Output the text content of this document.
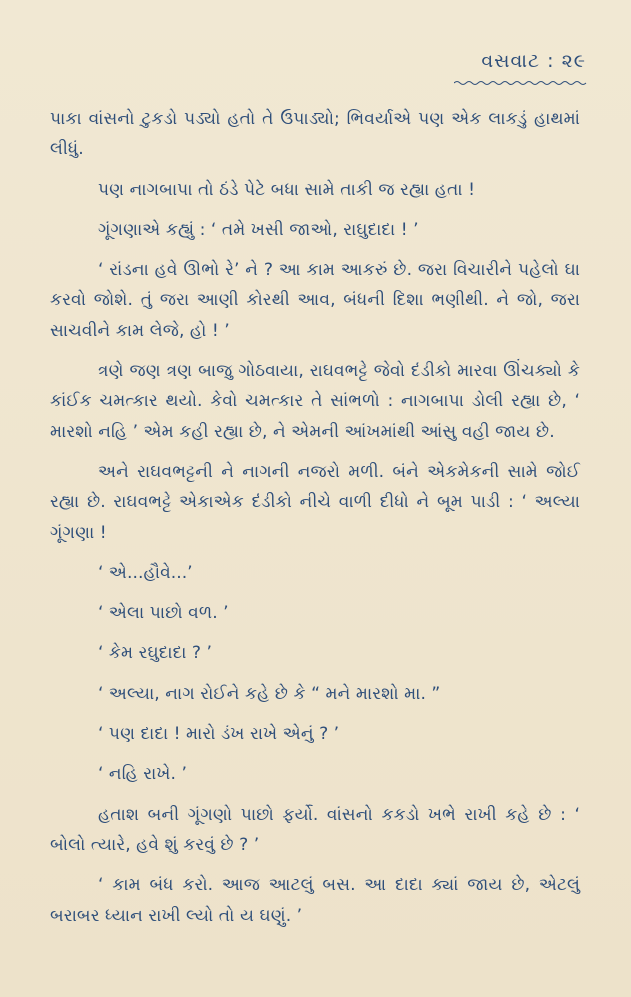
વસવાટ : ૨૯

પાકા વાંસનો ટુકડો પડ્યો હતો તે ઉપાડ્યો; ભિવર્યાએ પણ એક લાકડું હાથમાં લીધું.

પણ નાગબાપા તો ઠંડે પેટે બધા સામે તાકી જ રહ્યા હતા !

ગૂંગણાએ કહ્યું : ‘ તમે ખસી જાઓ, રાઘુદાદા ! ’

‘ રાંડના હવે ઊભો રે’ ને ? આ કામ આકરું છે. જરા વિચારીને પહેલો ઘા કરવો જોશે. તું જરા આણી કોરથી આવ, બંધની દિશા ભણીથી. ને જો, જરા સાચવીને કામ લેજે, હો ! ’

ત્રણે જણ ત્રણ બાજુ ગોઠવાયા, રાઘવભટ્ટે જેવો દંડીકો મારવા ઊંચક્યો કે કાંઈક ચમત્કાર થયો. કેવો ચમત્કાર તે સાંભળો : નાગબાપા ડોલી રહ્યા છે, ‘ મારશો નહિ ’ એમ કહી રહ્યા છે, ને એમની આંખમાંથી આંસુ વહી જાય છે.

અને રાઘવભટ્ટની ને નાગની નજરો મળી. બંને એકમેકની સામે જોઈ રહ્યા છે. રાઘવભટ્ટે એકાએક દંડીકો નીચે વાળી દીધો ને બૂમ પાડી : ‘ અલ્યા ગૂંગણા !

‘ એ...હૌવે...’

‘ એલા પાછો વળ. ’

‘ કેમ રઘુદાદા ? ’

‘ અલ્યા, નાગ રોઈને કહે છે કે “ મને મારશો મા. ”

‘ પણ દાદા ! મારો ડંખ રાખે એનું ? ’

‘ નહિ રાખે. ’

હતાશ બની ગૂંગણો પાછો ફર્યો. વાંસનો કકડો ખભે રાખી કહે છે : ‘ બોલો ત્યારે, હવે શું કરવું છે ? ’

‘ કામ બંધ કરો. આજ આટલું બસ. આ દાદા ક્યાં જાય છે, એટલું બરાબર ધ્યાન રાખી લ્યો તો ય ઘણું. ’
